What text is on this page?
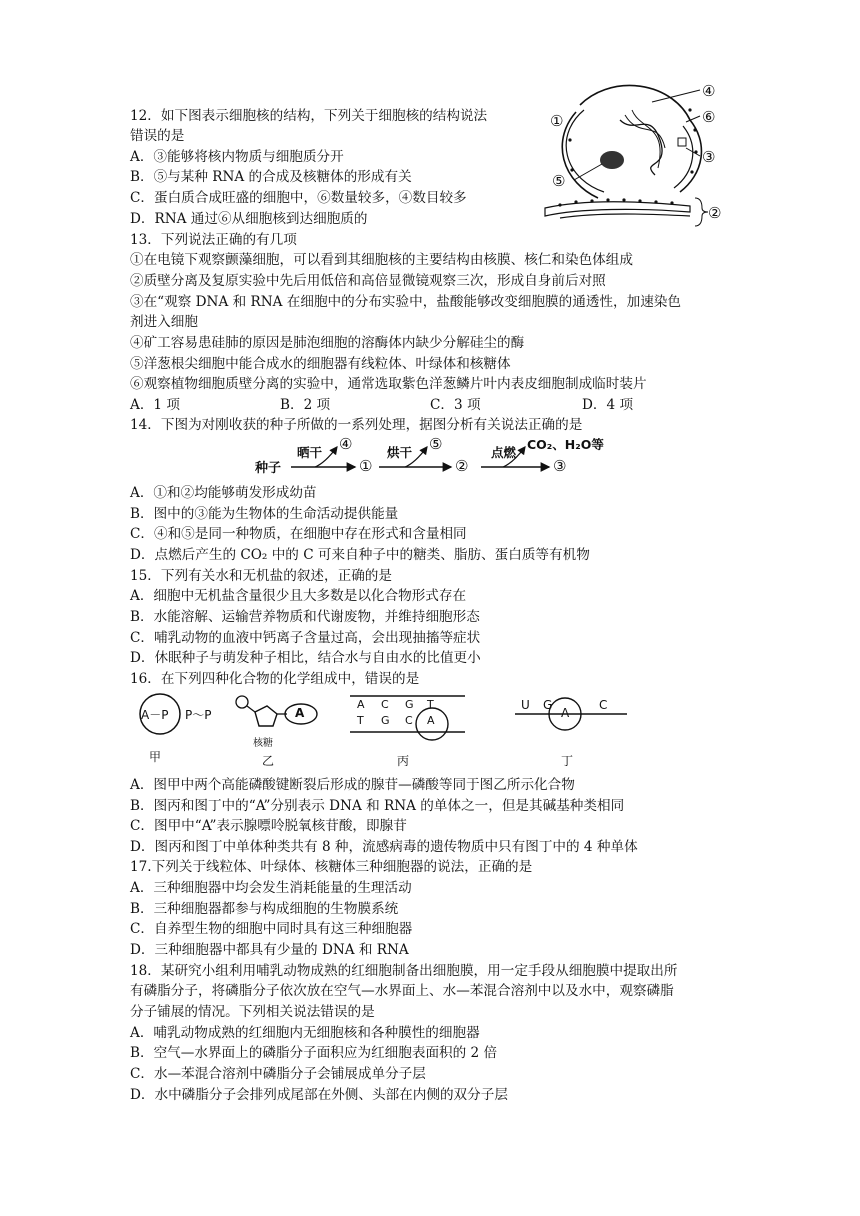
12．如下图表示细胞核的结构，下列关于细胞核的结构说法
错误的是
A．③能够将核内物质与细胞质分开
B．⑤与某种 RNA 的合成及核糖体的形成有关
C．蛋白质合成旺盛的细胞中，⑥数量较多，④数目较多
D．RNA 通过⑥从细胞核到达细胞质的
①
②
③
④
⑤
⑥
13．下列说法正确的有几项
①在电镜下观察颤藻细胞，可以看到其细胞核的主要结构由核膜、核仁和染色体组成
②质壁分离及复原实验中先后用低倍和高倍显微镜观察三次，形成自身前后对照
③在“观察 DNA 和 RNA 在细胞中的分布实验中，盐酸能够改变细胞膜的通透性，加速染色
剂进入细胞
④矿工容易患硅肺的原因是肺泡细胞的溶酶体内缺少分解硅尘的酶
⑤洋葱根尖细胞中能合成水的细胞器有线粒体、叶绿体和核糖体
⑥观察植物细胞质壁分离的实验中，通常选取紫色洋葱鳞片叶内表皮细胞制成临时装片
A．1 项	B．2 项	C．3 项	D．4 项
14．下图为对刚收获的种子所做的一系列处理，据图分析有关说法正确的是
种子
晒干	烘干	点燃
④	⑤	CO₂、H₂O等
①	②	③
A．①和②均能够萌发形成幼苗
B．图中的③能为生物体的生命活动提供能量
C．④和⑤是同一种物质，在细胞中存在形式和含量相同
D．点燃后产生的 CO₂ 中的 C 可来自种子中的糖类、脂肪、蛋白质等有机物
15．下列有关水和无机盐的叙述，正确的是
A．细胞中无机盐含量很少且大多数是以化合物形式存在
B．水能溶解、运输营养物质和代谢废物，并维持细胞形态
C．哺乳动物的血液中钙离子含量过高，会出现抽搐等症状
D．休眠种子与萌发种子相比，结合水与自由水的比值更小
16．在下列四种化合物的化学组成中，错误的是
A－P P～P
甲
A
核糖
乙
A C G T
T G C A
丙
U G
A
C
丁
A．图甲中两个高能磷酸键断裂后形成的腺苷—磷酸等同于图乙所示化合物
B．图丙和图丁中的“A”分别表示 DNA 和 RNA 的单体之一，但是其碱基种类相同
C．图甲中“A”表示腺嘌呤脱氧核苷酸，即腺苷
D．图丙和图丁中单体种类共有 8 种，流感病毒的遗传物质中只有图丁中的 4 种单体
17.下列关于线粒体、叶绿体、核糖体三种细胞器的说法，正确的是
A．三种细胞器中均会发生消耗能量的生理活动
B．三种细胞器都参与构成细胞的生物膜系统
C．自养型生物的细胞中同时具有这三种细胞器
D．三种细胞器中都具有少量的 DNA 和 RNA
18．某研究小组利用哺乳动物成熟的红细胞制备出细胞膜，用一定手段从细胞膜中提取出所
有磷脂分子，将磷脂分子依次放在空气—水界面上、水—苯混合溶剂中以及水中，观察磷脂
分子铺展的情况。下列相关说法错误的是
A．哺乳动物成熟的红细胞内无细胞核和各种膜性的细胞器
B．空气—水界面上的磷脂分子面积应为红细胞表面积的 2 倍
C．水—苯混合溶剂中磷脂分子会铺展成单分子层
D．水中磷脂分子会排列成尾部在外侧、头部在内侧的双分子层
